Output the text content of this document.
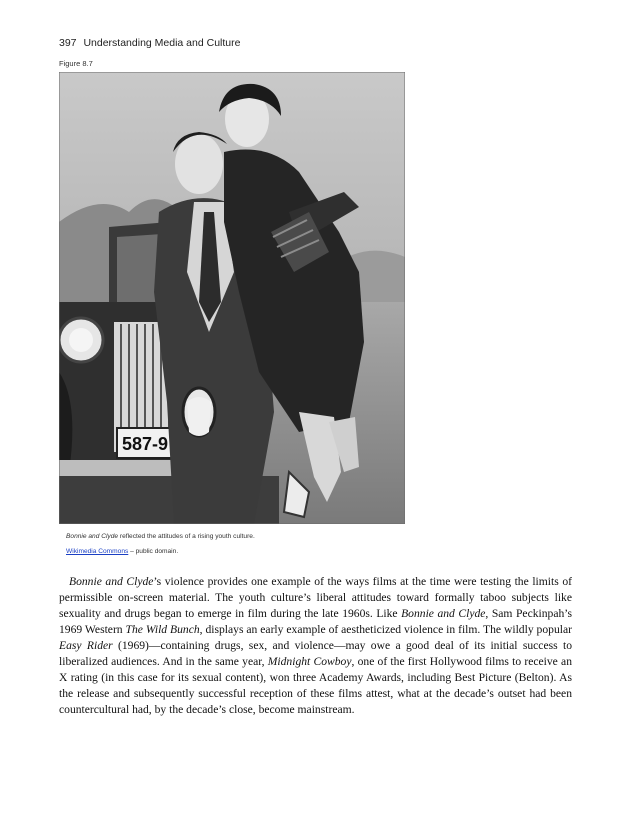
397 Understanding Media and Culture
Figure 8.7
587-9
Bonnie and Clyde reflected the attitudes of a rising youth culture.
Wikimedia Commons – public domain.

Bonnie and Clyde’s violence provides one example of the ways films at the time were testing the limits of permissible on-screen material. The youth culture’s liberal attitudes toward formally taboo subjects like sexuality and drugs began to emerge in film during the late 1960s. Like Bonnie and Clyde, Sam Peckinpah’s 1969 Western The Wild Bunch, displays an early example of aestheticized violence in film. The wildly popular Easy Rider (1969)—containing drugs, sex, and violence—may owe a good deal of its initial success to liberalized audiences. And in the same year, Midnight Cowboy, one of the first Hollywood films to receive an X rating (in this case for its sexual content), won three Academy Awards, including Best Picture (Belton). As the release and subsequently successful reception of these films attest, what at the decade’s outset had been countercultural had, by the decade’s close, become mainstream.
